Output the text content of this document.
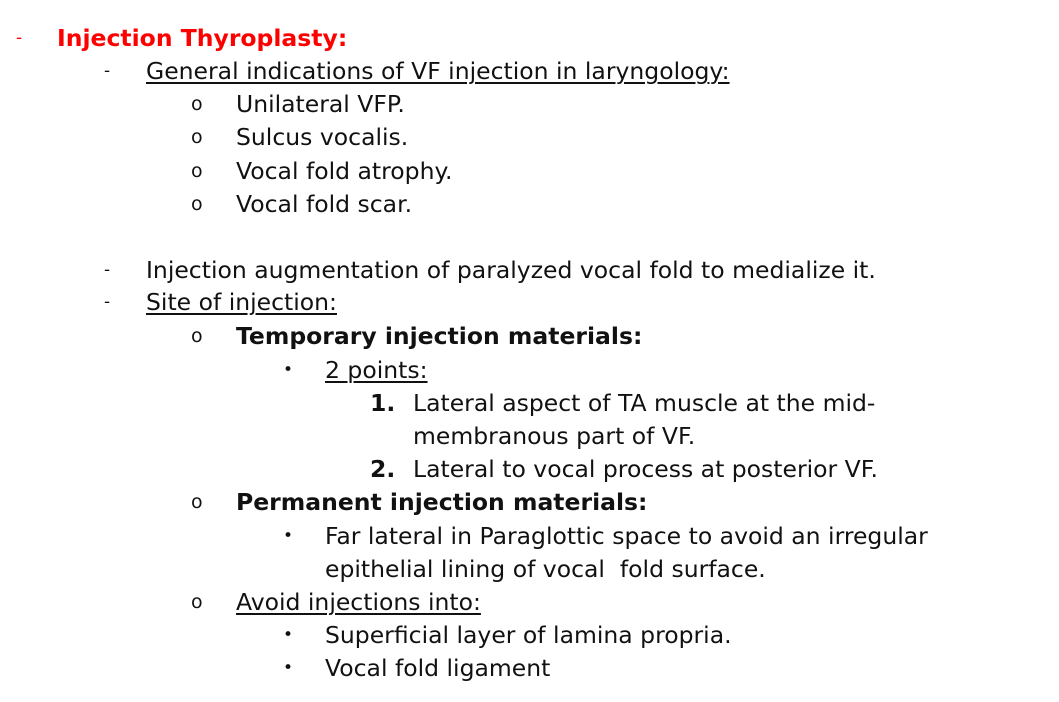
- Injection Thyroplasty:
- General indications of VF injection in laryngology:
o Unilateral VFP.
o Sulcus vocalis.
o Vocal fold atrophy.
o Vocal fold scar.
- Injection augmentation of paralyzed vocal fold to medialize it.
- Site of injection:
o Temporary injection materials:
• 2 points:
1. Lateral aspect of TA muscle at the mid-
membranous part of VF.
2. Lateral to vocal process at posterior VF.
o Permanent injection materials:
• Far lateral in Paraglottic space to avoid an irregular
epithelial lining of vocal  fold surface.
o Avoid injections into:
• Superficial layer of lamina propria.
• Vocal fold ligament
